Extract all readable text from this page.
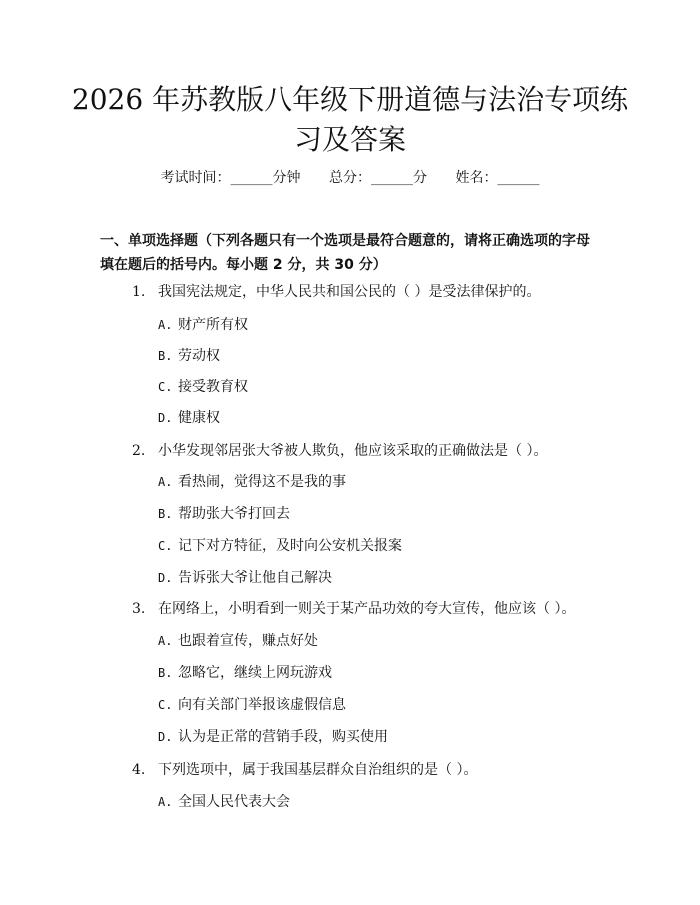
2026 年苏教版八年级下册道德与法治专项练
习及答案
考试时间：______分钟 总分：______分 姓名：______
一、单项选择题（下列各题只有一个选项是最符合题意的，请将正确选项的字母填在题后的括号内。每小题 2 分，共 30 分）
1. 我国宪法规定，中华人民共和国公民的（ ）是受法律保护的。
A. 财产所有权
B. 劳动权
C. 接受教育权
D. 健康权
2. 小华发现邻居张大爷被人欺负，他应该采取的正确做法是（ ）。
A. 看热闹，觉得这不是我的事
B. 帮助张大爷打回去
C. 记下对方特征，及时向公安机关报案
D. 告诉张大爷让他自己解决
3. 在网络上，小明看到一则关于某产品功效的夸大宣传，他应该（ ）。
A. 也跟着宣传，赚点好处
B. 忽略它，继续上网玩游戏
C. 向有关部门举报该虚假信息
D. 认为是正常的营销手段，购买使用
4. 下列选项中，属于我国基层群众自治组织的是（ ）。
A. 全国人民代表大会
